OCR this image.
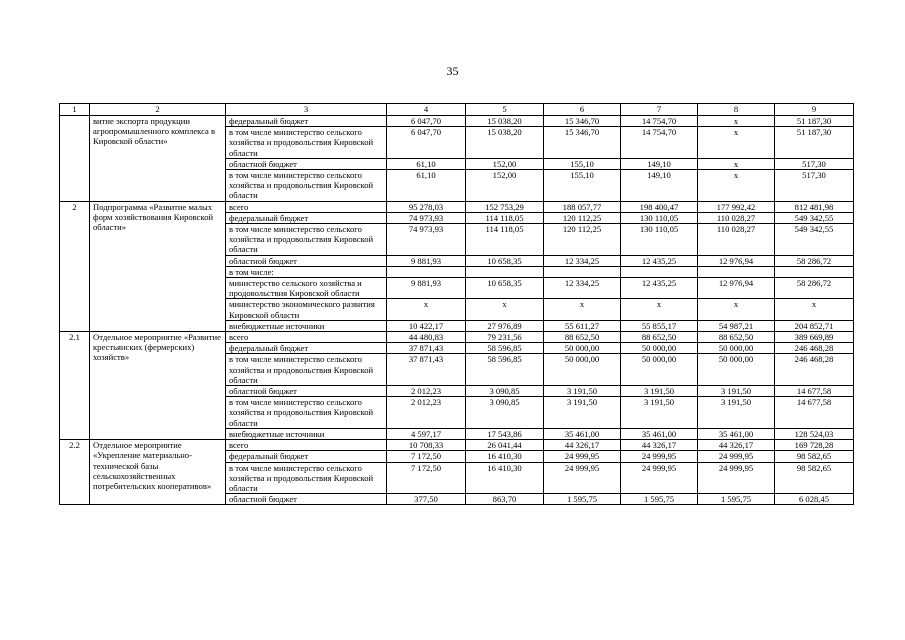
35
1	2	3	4	5	6	7	8	9
	витие экспорта продукции агропромышленного комплекса в Кировской области»	федеральный бюджет	6 047,70	15 038,20	15 346,70	14 754,70	x	51 187,30
		в том числе министерство сельского хозяйства и продовольствия Кировской области	6 047,70	15 038,20	15 346,70	14 754,70	x	51 187,30
		областной бюджет	61,10	152,00	155,10	149,10	x	517,30
		в том числе министерство сельского хозяйства и продовольствия Кировской области	61,10	152,00	155,10	149,10	x	517,30
2	Подпрограмма «Развитие малых форм хозяйствования Кировской области»	всего	95 278,03	152 753,29	188 057,77	198 400,47	177 992,42	812 481,98
		федеральный бюджет	74 973,93	114 118,05	120 112,25	130 110,05	110 028,27	549 342,55
		в том числе министерство сельского хозяйства и продовольствия Кировской области	74 973,93	114 118,05	120 112,25	130 110,05	110 028,27	549 342,55
		областной бюджет	9 881,93	10 658,35	12 334,25	12 435,25	12 976,94	58 286,72
		в том числе:						
		министерство сельского хозяйства и продовольствия Кировской области	9 881,93	10 658,35	12 334,25	12 435,25	12 976,94	58 286,72
		министерство экономического развития Кировской области	x	x	x	x	x	x
		внебюджетные источники	10 422,17	27 976,89	55 611,27	55 855,17	54 987,21	204 852,71
2.1	Отдельное мероприятие «Развитие крестьянских (фермерских) хозяйств»	всего	44 480,83	79 231,56	88 652,50	88 652,50	88 652,50	389 669,89
		федеральный бюджет	37 871,43	58 596,85	50 000,00	50 000,00	50 000,00	246 468,28
		в том числе министерство сельского хозяйства и продовольствия Кировской области	37 871,43	58 596,85	50 000,00	50 000,00	50 000,00	246 468,28
		областной бюджет	2 012,23	3 090,85	3 191,50	3 191,50	3 191,50	14 677,58
		в том числе министерство сельского хозяйства и продовольствия Кировской области	2 012,23	3 090,85	3 191,50	3 191,50	3 191,50	14 677,58
		внебюджетные источники	4 597,17	17 543,86	35 461,00	35 461,00	35 461,00	128 524,03
2.2	Отдельное мероприятие «Укрепление материально-технической базы сельскохозяйственных потребительских кооперативов»	всего	10 708,33	26 041,44	44 326,17	44 326,17	44 326,17	169 728,28
		федеральный бюджет	7 172,50	16 410,30	24 999,95	24 999,95	24 999,95	98 582,65
		в том числе министерство сельского хозяйства и продовольствия Кировской области	7 172,50	16 410,30	24 999,95	24 999,95	24 999,95	98 582,65
		областной бюджет	377,50	863,70	1 595,75	1 595,75	1 595,75	6 028,45
